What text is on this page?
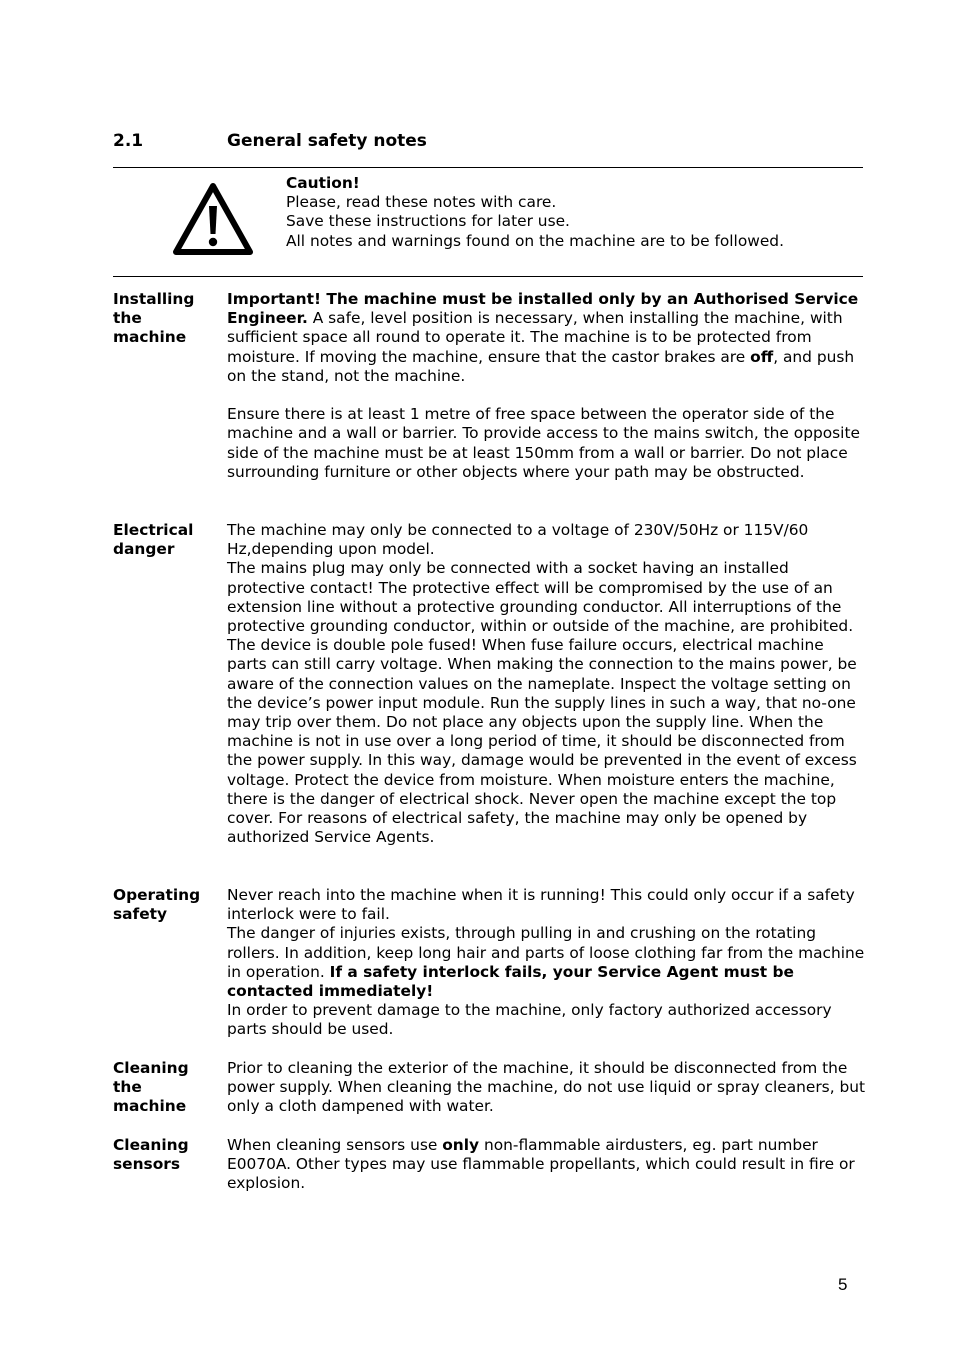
2.1	General safety notes
Caution!
Please, read these notes with care.
Save these instructions for later use.
All notes and warnings found on the machine are to be followed.
Installing
the
machine

Important! The machine must be installed only by an Authorised Service Engineer. A safe, level position is necessary, when installing the machine, with sufficient space all round to operate it. The machine is to be protected from moisture. If moving the machine, ensure that the castor brakes are off, and push on the stand, not the machine.

Ensure there is at least 1 metre of free space between the operator side of the machine and a wall or barrier. To provide access to the mains switch, the opposite side of the machine must be at least 150mm from a wall or barrier. Do not place surrounding furniture or other objects where your path may be obstructed.

Electrical
danger

The machine may only be connected to a voltage of 230V/50Hz or 115V/60 Hz,depending upon model.

The mains plug may only be connected with a socket having an installed protective contact! The protective effect will be compromised by the use of an extension line without a protective grounding conductor. All interruptions of the protective grounding conductor, within or outside of the machine, are prohibited. The device is double pole fused! When fuse failure occurs, electrical machine parts can still carry voltage. When making the connection to the mains power, be aware of the connection values on the nameplate. Inspect the voltage setting on the device’s power input module. Run the supply lines in such a way, that no-one may trip over them. Do not place any objects upon the supply line. When the machine is not in use over a long period of time, it should be disconnected from the power supply. In this way, damage would be prevented in the event of excess voltage. Protect the device from moisture. When moisture enters the machine, there is the danger of electrical shock. Never open the machine except the top cover. For reasons of electrical safety, the machine may only be opened by authorized Service Agents.

Operating
safety

Never reach into the machine when it is running! This could only occur if a safety interlock were to fail.

The danger of injuries exists, through pulling in and crushing on the rotating rollers. In addition, keep long hair and parts of loose clothing far from the machine in operation. If a safety interlock fails, your Service Agent must be contacted immediately!

In order to prevent damage to the machine, only factory authorized accessory parts should be used.

Cleaning
the
machine

Prior to cleaning the exterior of the machine, it should be disconnected from the power supply. When cleaning the machine, do not use liquid or spray cleaners, but only a cloth dampened with water.

Cleaning
sensors

When cleaning sensors use only non-flammable airdusters, eg. part number E0070A. Other types may use flammable propellants, which could result in fire or explosion.

5
